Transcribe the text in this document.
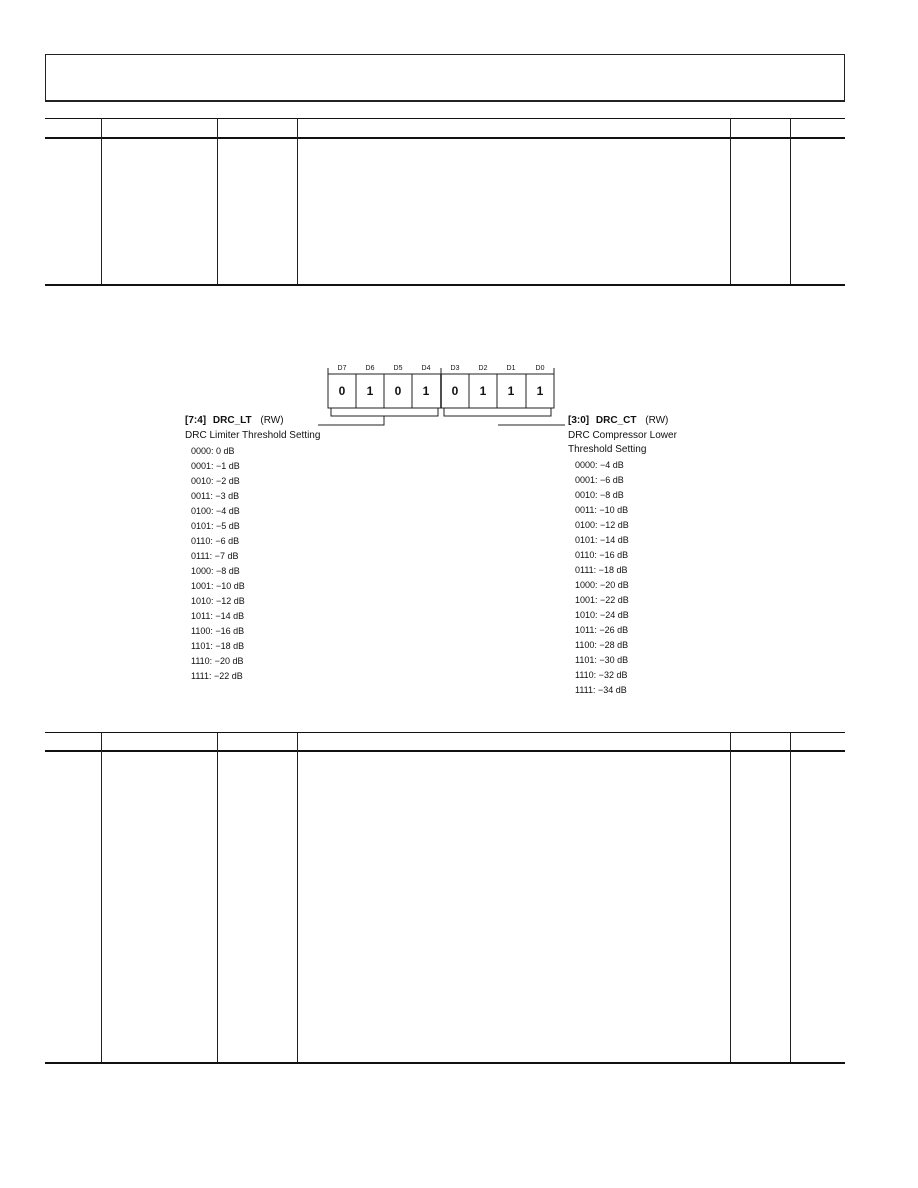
D7	D6	D5	D4	D3	D2	D1	D0
0	1	0	1	0	1	1	1
[7:4] DRC_LT (RW)
DRC Limiter Threshold Setting
0000: 0 dB
0001: −1 dB
0010: −2 dB
0011: −3 dB
0100: −4 dB
0101: −5 dB
0110: −6 dB
0111: −7 dB
1000: −8 dB
1001: −10 dB
1010: −12 dB
1011: −14 dB
1100: −16 dB
1101: −18 dB
1110: −20 dB
1111: −22 dB
[3:0] DRC_CT (RW)
DRC Compressor Lower
Threshold Setting
0000: −4 dB
0001: −6 dB
0010: −8 dB
0011: −10 dB
0100: −12 dB
0101: −14 dB
0110: −16 dB
0111: −18 dB
1000: −20 dB
1001: −22 dB
1010: −24 dB
1011: −26 dB
1100: −28 dB
1101: −30 dB
1110: −32 dB
1111: −34 dB
